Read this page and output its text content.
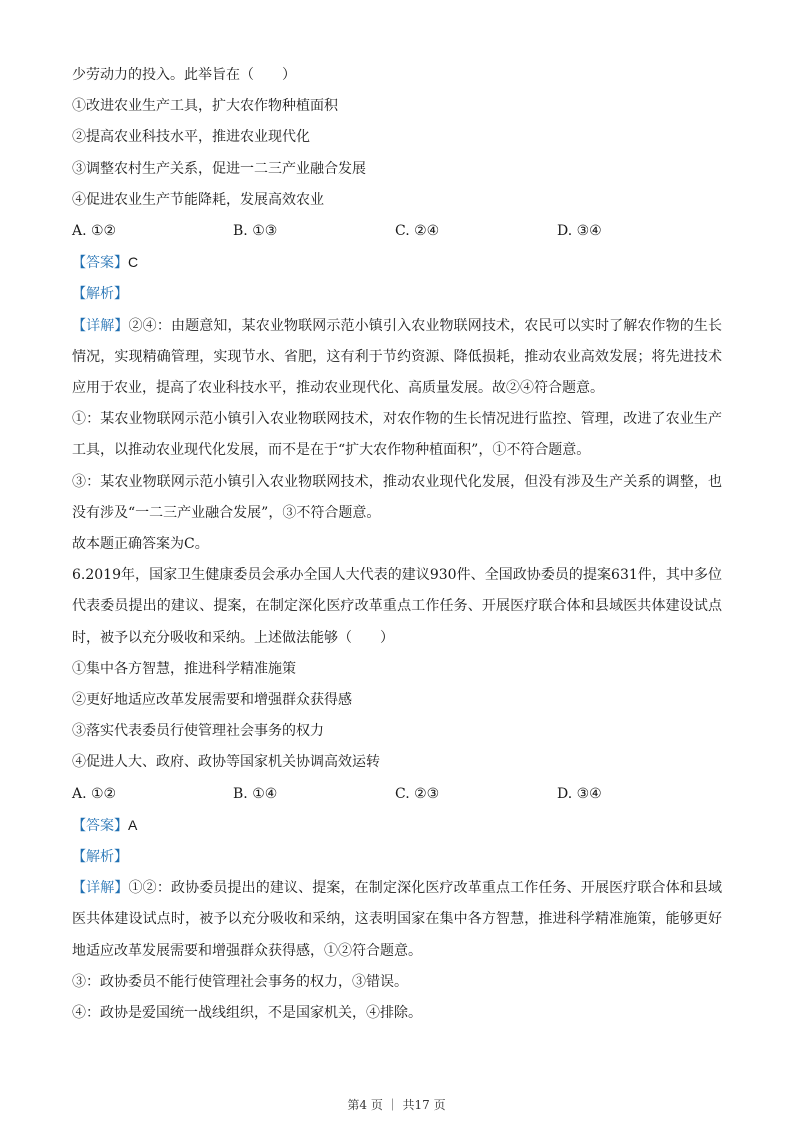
少劳动力的投入。此举旨在（　　）
①改进农业生产工具，扩大农作物种植面积
②提高农业科技水平，推进农业现代化
③调整农村生产关系，促进一二三产业融合发展
④促进农业生产节能降耗，发展高效农业
A. ①②	B. ①③	C. ②④	D. ③④
【答案】C
【解析】
【详解】②④：由题意知，某农业物联网示范小镇引入农业物联网技术，农民可以实时了解农作物的生长情况，实现精确管理，实现节水、省肥，这有利于节约资源、降低损耗，推动农业高效发展；将先进技术应用于农业，提高了农业科技水平，推动农业现代化、高质量发展。故②④符合题意。
①：某农业物联网示范小镇引入农业物联网技术，对农作物的生长情况进行监控、管理，改进了农业生产工具，以推动农业现代化发展，而不是在于“扩大农作物种植面积”，①不符合题意。
③：某农业物联网示范小镇引入农业物联网技术，推动农业现代化发展，但没有涉及生产关系的调整，也没有涉及“一二三产业融合发展”，③不符合题意。
故本题正确答案为C。
6.2019年，国家卫生健康委员会承办全国人大代表的建议930件、全国政协委员的提案631件，其中多位代表委员提出的建议、提案，在制定深化医疗改革重点工作任务、开展医疗联合体和县域医共体建设试点时，被予以充分吸收和采纳。上述做法能够（　　）
①集中各方智慧，推进科学精准施策
②更好地适应改革发展需要和增强群众获得感
③落实代表委员行使管理社会事务的权力
④促进人大、政府、政协等国家机关协调高效运转
A. ①②	B. ①④	C. ②③	D. ③④
【答案】A
【解析】
【详解】①②：政协委员提出的建议、提案，在制定深化医疗改革重点工作任务、开展医疗联合体和县域医共体建设试点时，被予以充分吸收和采纳，这表明国家在集中各方智慧，推进科学精准施策，能够更好地适应改革发展需要和增强群众获得感，①②符合题意。
③：政协委员不能行使管理社会事务的权力，③错误。
④：政协是爱国统一战线组织，不是国家机关，④排除。
第4 页 ｜ 共17 页
